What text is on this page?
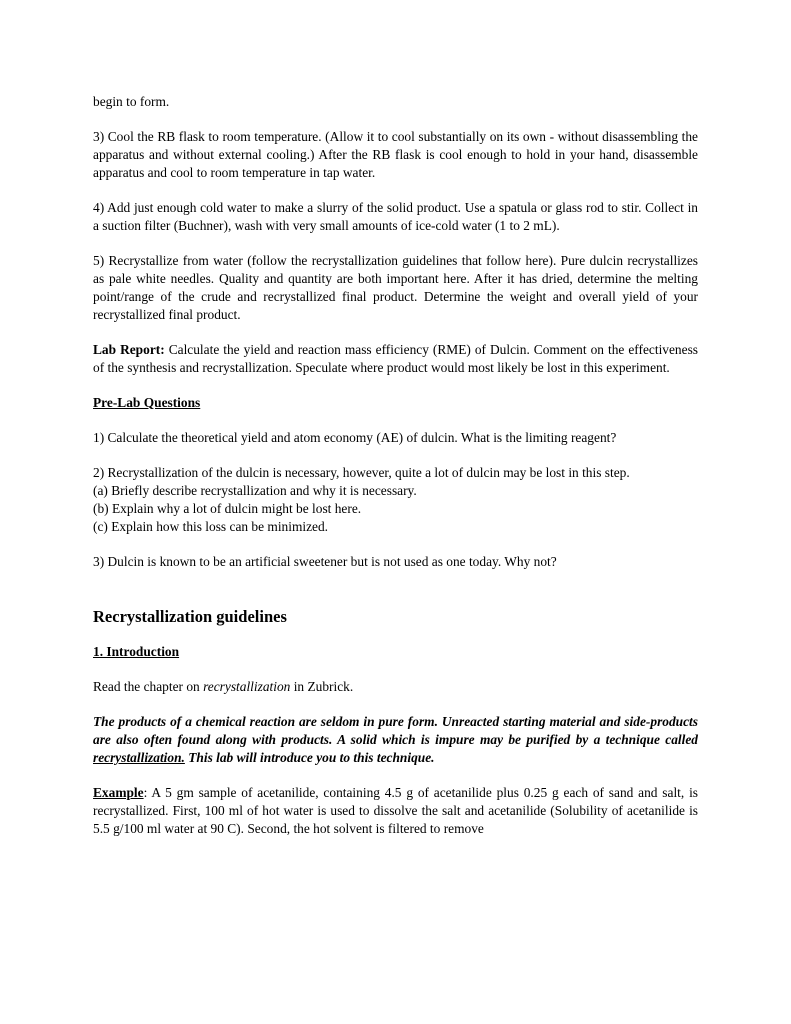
begin to form.

3) Cool the RB flask to room temperature. (Allow it to cool substantially on its own - without disassembling the apparatus and without external cooling.) After the RB flask is cool enough to hold in your hand, disassemble apparatus and cool to room temperature in tap water.

4) Add just enough cold water to make a slurry of the solid product. Use a spatula or glass rod to stir. Collect in a suction filter (Buchner), wash with very small amounts of ice-cold water (1 to 2 mL).

5) Recrystallize from water (follow the recrystallization guidelines that follow here). Pure dulcin recrystallizes as pale white needles. Quality and quantity are both important here. After it has dried, determine the melting point/range of the crude and recrystallized final product. Determine the weight and overall yield of your recrystallized final product.

Lab Report: Calculate the yield and reaction mass efficiency (RME) of Dulcin. Comment on the effectiveness of the synthesis and recrystallization. Speculate where product would most likely be lost in this experiment.

Pre-Lab Questions

1) Calculate the theoretical yield and atom economy (AE) of dulcin. What is the limiting reagent?

2) Recrystallization of the dulcin is necessary, however, quite a lot of dulcin may be lost in this step.

(a) Briefly describe recrystallization and why it is necessary.

(b) Explain why a lot of dulcin might be lost here.

(c) Explain how this loss can be minimized.

3) Dulcin is known to be an artificial sweetener but is not used as one today. Why not?

Recrystallization guidelines
1. Introduction

Read the chapter on recrystallization in Zubrick.

The products of a chemical reaction are seldom in pure form. Unreacted starting material and side-products are also often found along with products. A solid which is impure may be purified by a technique called recrystallization. This lab will introduce you to this technique.

Example: A 5 gm sample of acetanilide, containing 4.5 g of acetanilide plus 0.25 g each of sand and salt, is recrystallized. First, 100 ml of hot water is used to dissolve the salt and acetanilide (Solubility of acetanilide is 5.5 g/100 ml water at 90 C). Second, the hot solvent is filtered to remove
